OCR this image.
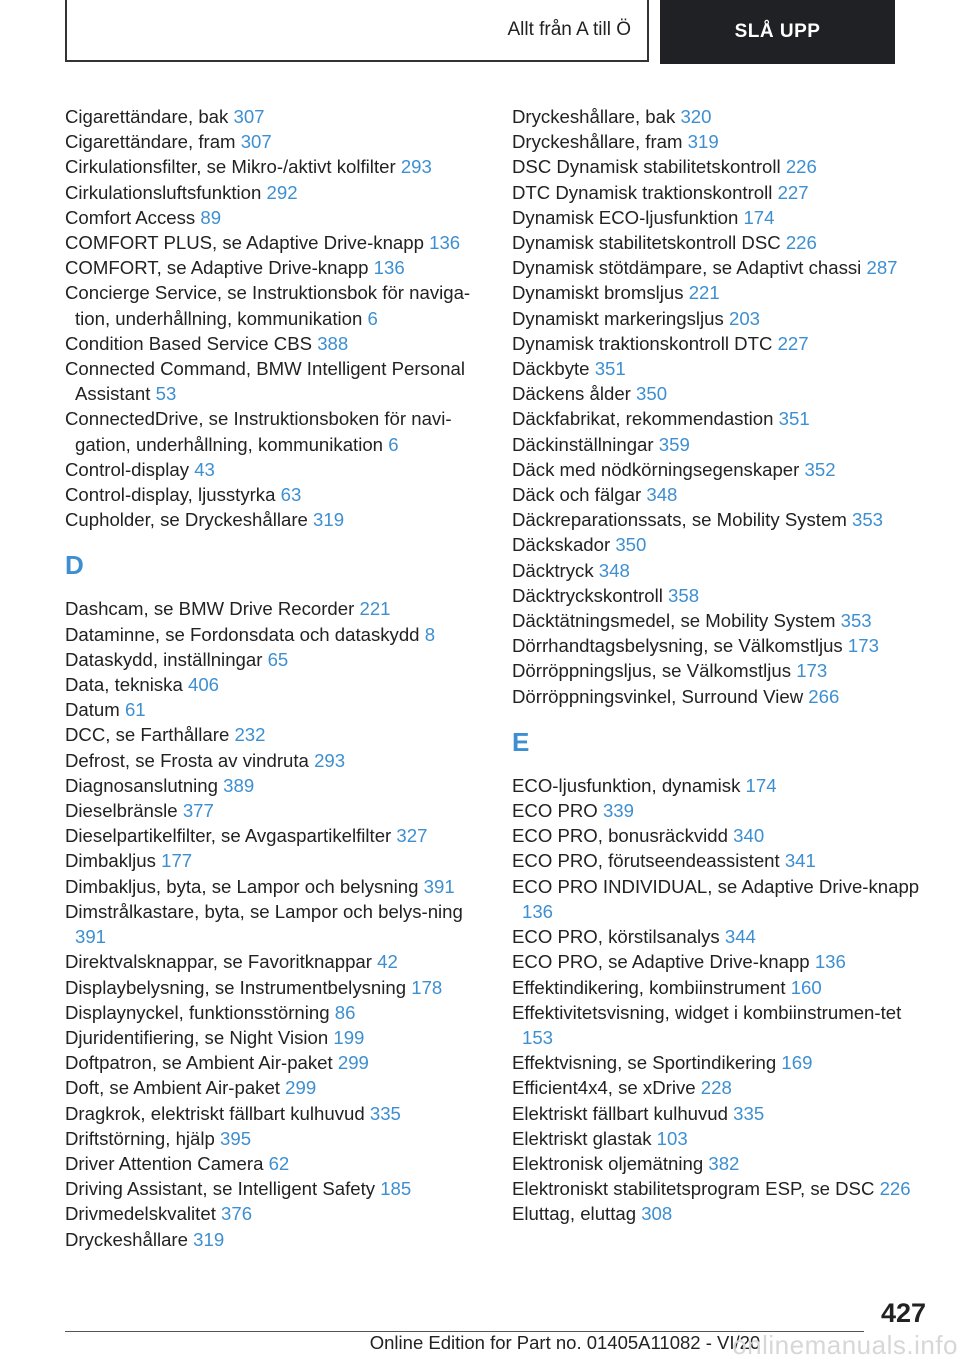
Allt från A till Ö	SLÅ UPP
Cigarettändare, bak 307
Cigarettändare, fram 307
Cirkulationsfilter, se Mikro-/aktivt kolfilter 293
Cirkulationsluftsfunktion 292
Comfort Access 89
COMFORT PLUS, se Adaptive Drive-knapp 136
COMFORT, se Adaptive Drive-knapp 136
Concierge Service, se Instruktionsbok för naviga-tion, underhållning, kommunikation 6
Condition Based Service CBS 388
Connected Command, BMW Intelligent Personal Assistant 53
ConnectedDrive, se Instruktionsboken för navi-gation, underhållning, kommunikation 6
Control-display 43
Control-display, ljusstyrka 63
Cupholder, se Dryckeshållare 319
D
Dashcam, se BMW Drive Recorder 221
Dataminne, se Fordonsdata och dataskydd 8
Dataskydd, inställningar 65
Data, tekniska 406
Datum 61
DCC, se Farthållare 232
Defrost, se Frosta av vindruta 293
Diagnosanslutning 389
Dieselbränsle 377
Dieselpartikelfilter, se Avgaspartikelfilter 327
Dimbakljus 177
Dimbakljus, byta, se Lampor och belysning 391
Dimstrålkastare, byta, se Lampor och belys-ning 391
Direktvalsknappar, se Favoritknappar 42
Displaybelysning, se Instrumentbelysning 178
Displaynyckel, funktionsstörning 86
Djuridentifiering, se Night Vision 199
Doftpatron, se Ambient Air-paket 299
Doft, se Ambient Air-paket 299
Dragkrok, elektriskt fällbart kulhuvud 335
Driftstörning, hjälp 395
Driver Attention Camera 62
Driving Assistant, se Intelligent Safety 185
Drivmedelskvalitet 376
Dryckeshållare 319
Dryckeshållare, bak 320
Dryckeshållare, fram 319
DSC Dynamisk stabilitetskontroll 226
DTC Dynamisk traktionskontroll 227
Dynamisk ECO-ljusfunktion 174
Dynamisk stabilitetskontroll DSC 226
Dynamisk stötdämpare, se Adaptivt chassi 287
Dynamiskt bromsljus 221
Dynamiskt markeringsljus 203
Dynamisk traktionskontroll DTC 227
Däckbyte 351
Däckens ålder 350
Däckfabrikat, rekommendastion 351
Däckinställningar 359
Däck med nödkörningsegenskaper 352
Däck och fälgar 348
Däckreparationssats, se Mobility System 353
Däckskador 350
Däcktryck 348
Däcktryckskontroll 358
Däcktätningsmedel, se Mobility System 353
Dörrhandtagsbelysning, se Välkomstljus 173
Dörröppningsljus, se Välkomstljus 173
Dörröppningsvinkel, Surround View 266
E
ECO-ljusfunktion, dynamisk 174
ECO PRO 339
ECO PRO, bonusräckvidd 340
ECO PRO, förutseendeassistent 341
ECO PRO INDIVIDUAL, se Adaptive Drive-knapp 136
ECO PRO, körstilsanalys 344
ECO PRO, se Adaptive Drive-knapp 136
Effektindikering, kombiinstrument 160
Effektivitetsvisning, widget i kombiinstrumen-tet 153
Effektvisning, se Sportindikering 169
Efficient4x4, se xDrive 228
Elektriskt fällbart kulhuvud 335
Elektriskt glastak 103
Elektronisk oljemätning 382
Elektroniskt stabilitetsprogram ESP, se DSC 226
Eluttag, eluttag 308
427
Online Edition for Part no. 01405A11082 - VI/20
onlinemanuals.info
